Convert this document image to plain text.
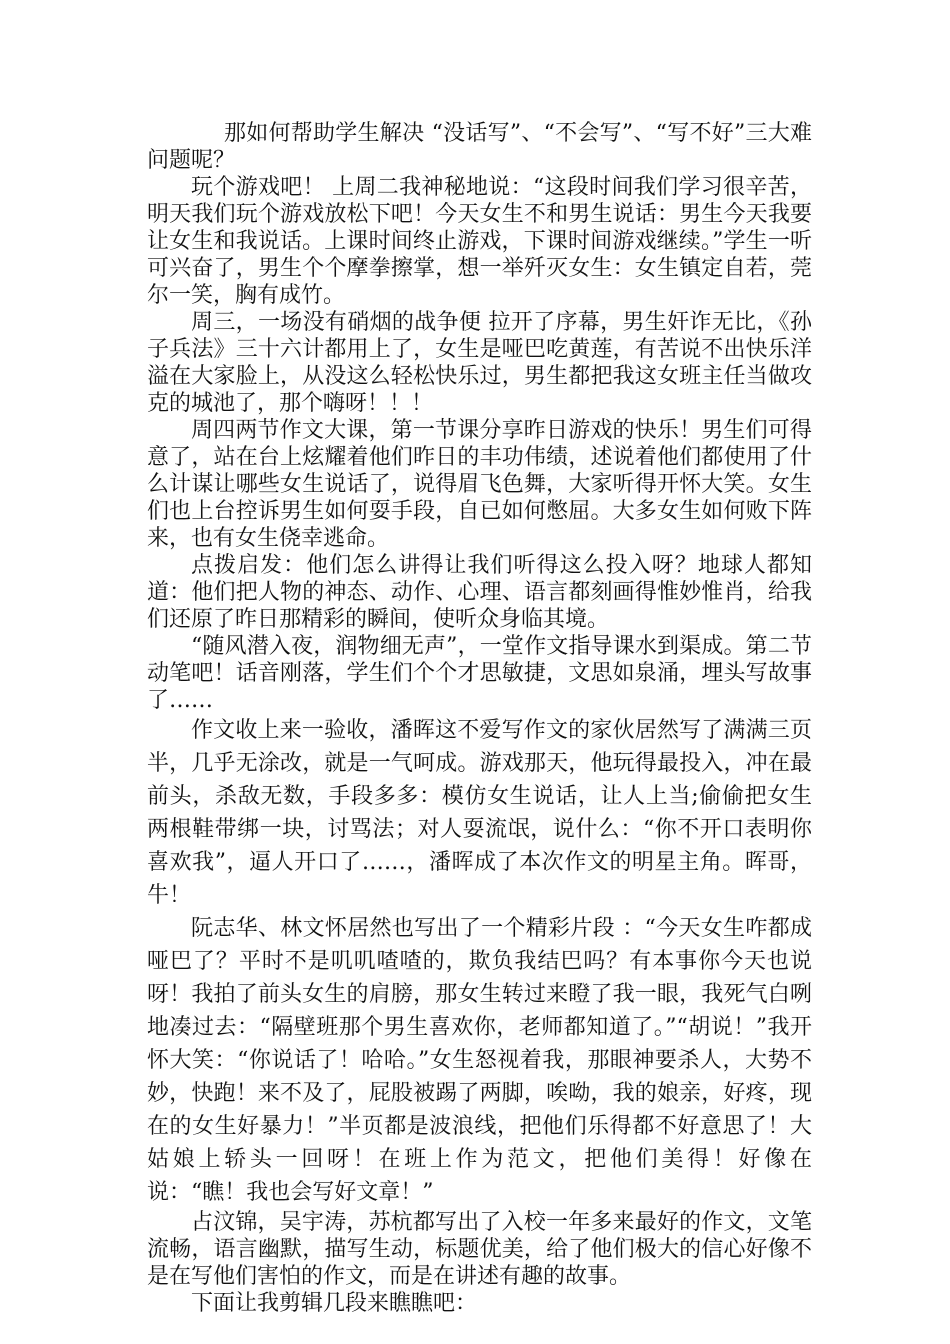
那如何帮助学生解决 “没话写”、“不会写”、“写不好”三大难问题呢？

玩个游戏吧！ 上周二我神秘地说：“这段时间我们学习很辛苦，明天我们玩个游戏放松下吧！今天女生不和男生说话：男生今天我要让女生和我说话。上课时间终止游戏，下课时间游戏继续。”学生一听可兴奋了，男生个个摩拳擦掌，想一举歼灭女生：女生镇定自若，莞尔一笑，胸有成竹。

周三，一场没有硝烟的战争便 拉开了序幕，男生奸诈无比，《孙子兵法》三十六计都用上了，女生是哑巴吃黄莲，有苦说不出快乐洋溢在大家脸上，从没这么轻松快乐过，男生都把我这女班主任当做攻克的城池了，那个嗨呀！！！

周四两节作文大课，第一节课分享昨日游戏的快乐！男生们可得意了，站在台上炫耀着他们昨日的丰功伟绩，述说着他们都使用了什么计谋让哪些女生说话了，说得眉飞色舞，大家听得开怀大笑。女生们也上台控诉男生如何耍手段，自已如何憋屈。大多女生如何败下阵来，也有女生侥幸逃命。

点拨启发：他们怎么讲得让我们听得这么投入呀？地球人都知道：他们把人物的神态、动作、心理、语言都刻画得惟妙惟肖，给我们还原了昨日那精彩的瞬间，使听众身临其境。

“随风潜入夜，润物细无声”，一堂作文指导课水到渠成。第二节动笔吧！话音刚落，学生们个个才思敏捷，文思如泉涌，埋头写故事了……

作文收上来一验收，潘晖这不爱写作文的家伙居然写了满满三页半，几乎无涂改，就是一气呵成。游戏那天，他玩得最投入，冲在最前头，杀敌无数，手段多多：模仿女生说话，让人上当;偷偷把女生两根鞋带绑一块，讨骂法；对人耍流氓，说什么：“你不开口表明你喜欢我”，逼人开口了……，潘晖成了本次作文的明星主角。晖哥，牛！

阮志华、林文怀居然也写出了一个精彩片段 ：“今天女生咋都成哑巴了？平时不是叽叽喳喳的，欺负我结巴吗？有本事你今天也说呀！我拍了前头女生的肩膀，那女生转过来瞪了我一眼，我死气白咧地凑过去：“隔壁班那个男生喜欢你，老师都知道了。”“胡说！”我开怀大笑：“你说话了！哈哈。”女生怒视着我，那眼神要杀人，大势不妙，快跑！来不及了，屁股被踢了两脚，唉呦，我的娘亲，好疼，现在的女生好暴力！”半页都是波浪线，把他们乐得都不好意思了！大姑娘上轿头一回呀！在班上作为范文，把他们美得！好像在说：“瞧！我也会写好文章！”

占汶锦，吴宇涛，苏杭都写出了入校一年多来最好的作文，文笔流畅，语言幽默，描写生动，标题优美，给了他们极大的信心好像不是在写他们害怕的作文，而是在讲述有趣的故事。

下面让我剪辑几段来瞧瞧吧：
